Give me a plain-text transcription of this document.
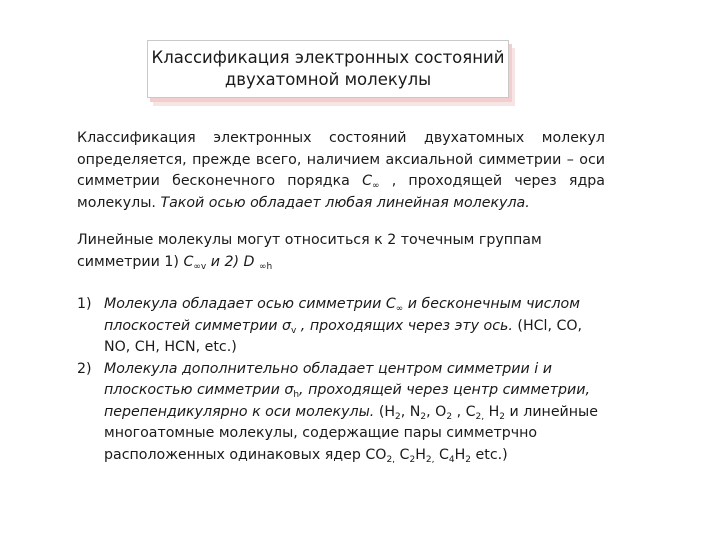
Классификация электронных состояний
двухатомной молекулы
Классификация электронных состояний двухатомных молекул
определяется, прежде всего, наличием аксиальной симметрии – оси
симметрии бесконечного порядка $C_\infty$ , проходящей через ядра
молекулы. Такой осью обладает любая линейная молекула.
Линейные молекулы могут относиться к 2 точечным группам
симметрии 1) $C_{\infty v}$ и 2) D $_{\infty h}$

1) Молекула обладает осью симметрии $C_\infty$ и бесконечным числом плоскостей симметрии $\sigma_v$ , проходящих через эту ось. (HCl, CO, NO, CH, HCN, etc.)

2) Молекула дополнительно обладает центром симметрии i и плоскостью симметрии $\sigma_h$, проходящей через центр симметрии, перепендикулярно к оси молекулы. ($H_2$, $N_2$, $O_2$ , $C_{2,}$ $H_2$ и линейные многоатомные молекулы, содержащие пары симметрчно расположенных одинаковых ядер $CO_{2,}$ $C_2H_{2,}$ $C_4H_2$ etc.)
